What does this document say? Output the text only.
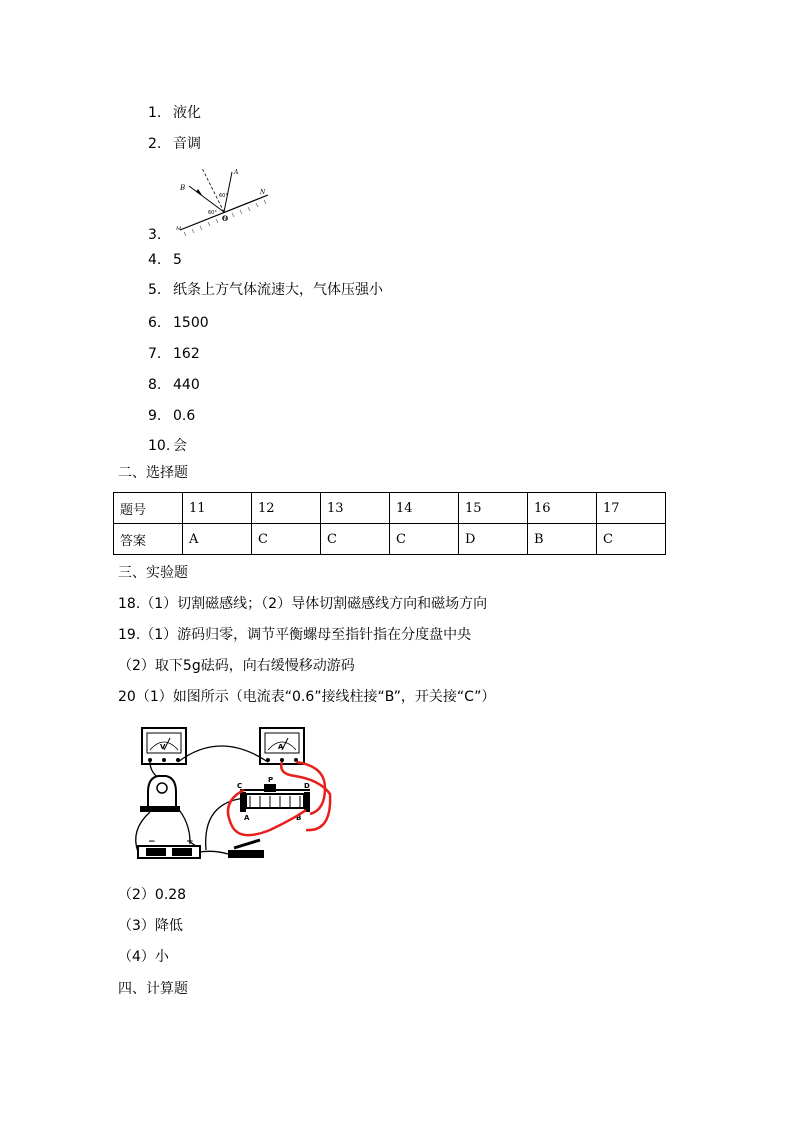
1. 液化
2. 音调
B
A
N
M
O
60°
60°
3.
4. 5
5. 纸条上方气体流速大，气体压强小
6. 1500
7. 162
8. 440
9. 0.6
10. 会
二、选择题
题号	11	12	13	14	15	16	17
答案	A	C	C	C	D	B	C
三、实验题
18.（1）切割磁感线；（2）导体切割磁感线方向和磁场方向
19.（1）游码归零，调节平衡螺母至指针指在分度盘中央
（2）取下5g砝码，向右缓慢移动游码
20（1）如图所示（电流表“0.6”接线柱接“B”，开关接“C”）
V	A
C
P
D
A	B
−	+
（2）0.28
（3）降低
（4）小
四、计算题
